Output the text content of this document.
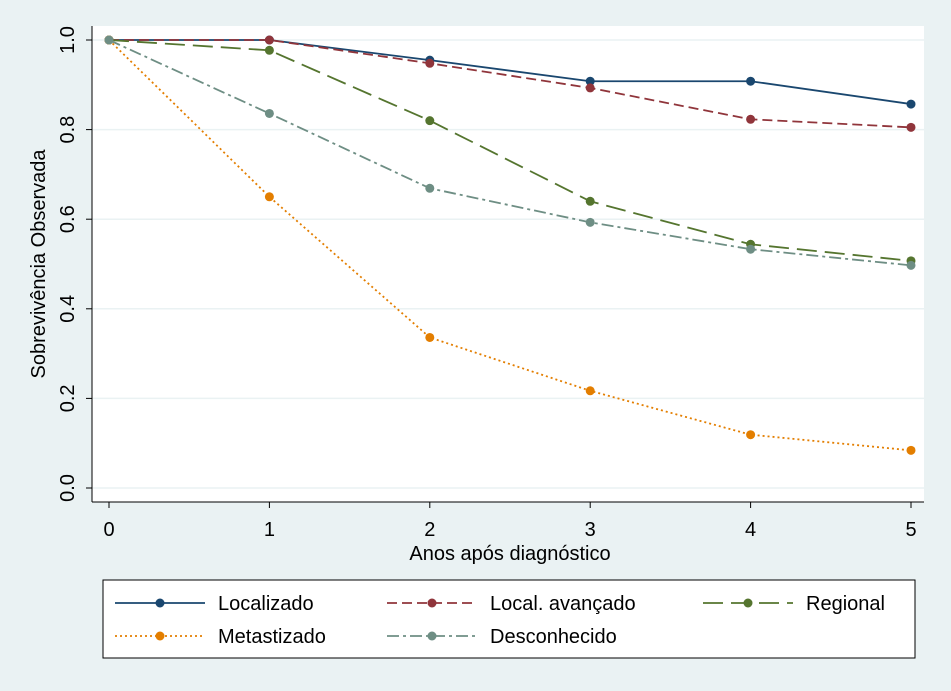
0.0
0.2
0.4
0.6
0.8
1.0
0	1	2	3	4	5
Anos após diagnóstico
Sobrevivência Observada
Localizado	Local. avançado	Regional
Metastizado	Desconhecido
